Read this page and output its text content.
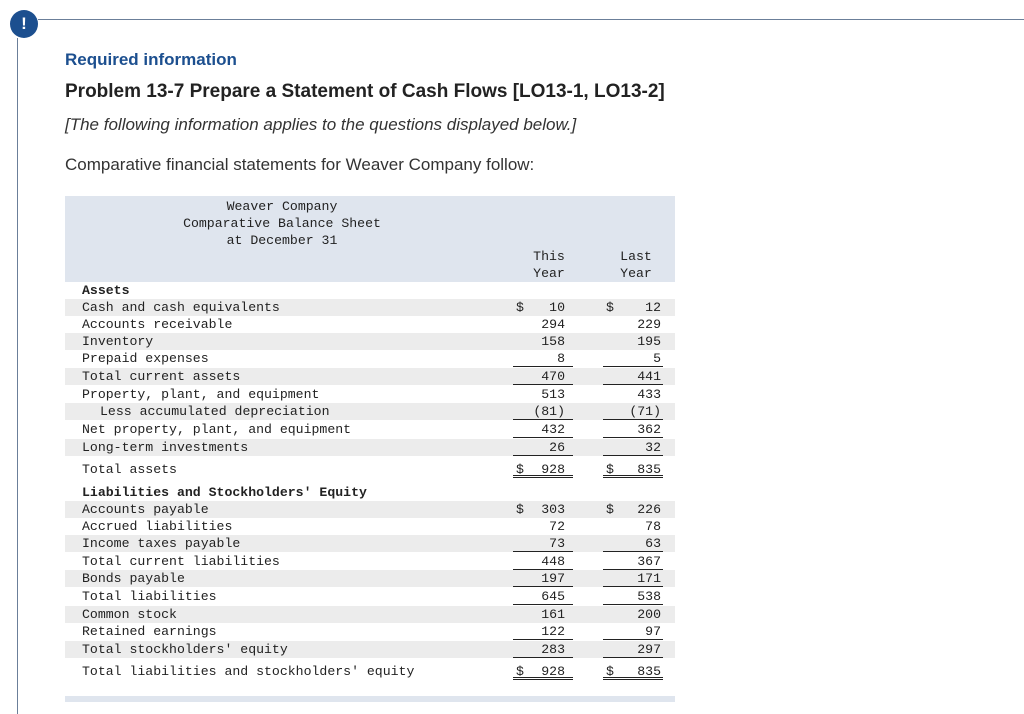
!
Required information
Problem 13-7 Prepare a Statement of Cash Flows [LO13-1, LO13-2]
[The following information applies to the questions displayed below.]
Comparative financial statements for Weaver Company follow:
Weaver Company
Comparative Balance Sheet
at December 31
This
Year
Last
Year
Assets
Cash and cash equivalents	$ 10	$ 12
Accounts receivable	294	229
Inventory	158	195
Prepaid expenses	8	5
Total current assets	470	441
Property, plant, and equipment	513	433
Less accumulated depreciation	(81)	(71)
Net property, plant, and equipment	432	362
Long-term investments	26	32
Total assets	$ 928	$ 835
Liabilities and Stockholders' Equity
Accounts payable	$ 303	$ 226
Accrued liabilities	72	78
Income taxes payable	73	63
Total current liabilities	448	367
Bonds payable	197	171
Total liabilities	645	538
Common stock	161	200
Retained earnings	122	97
Total stockholders' equity	283	297
Total liabilities and stockholders' equity	$ 928	$ 835
